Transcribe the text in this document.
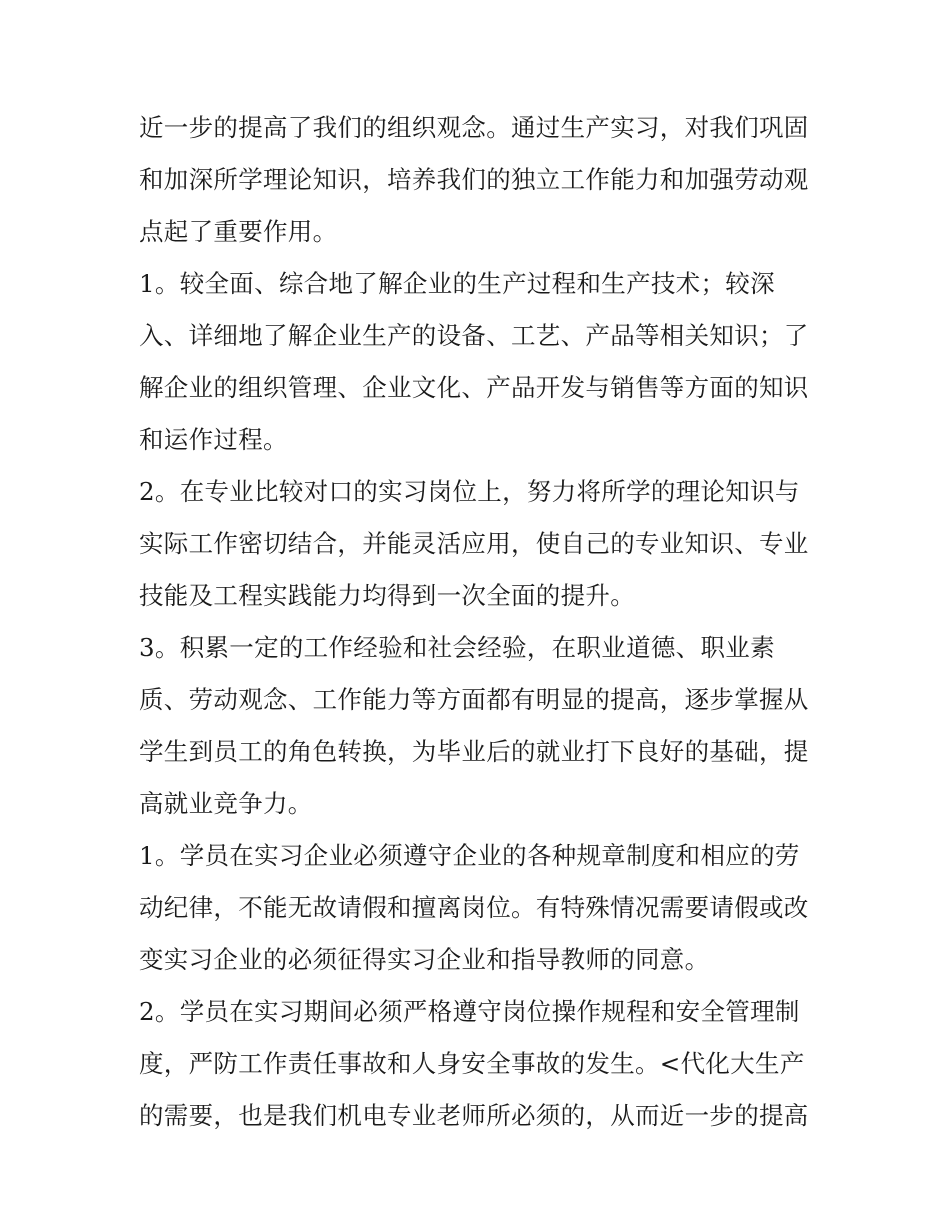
近一步的提高了我们的组织观念。通过生产实习，对我们巩固
和加深所学理论知识，培养我们的独立工作能力和加强劳动观
点起了重要作用。
1。较全面、综合地了解企业的生产过程和生产技术；较深
入、详细地了解企业生产的设备、工艺、产品等相关知识；了
解企业的组织管理、企业文化、产品开发与销售等方面的知识
和运作过程。
2。在专业比较对口的实习岗位上，努力将所学的理论知识与
实际工作密切结合，并能灵活应用，使自己的专业知识、专业
技能及工程实践能力均得到一次全面的提升。
3。积累一定的工作经验和社会经验，在职业道德、职业素
质、劳动观念、工作能力等方面都有明显的提高，逐步掌握从
学生到员工的角色转换，为毕业后的就业打下良好的基础，提
高就业竞争力。
1。学员在实习企业必须遵守企业的各种规章制度和相应的劳
动纪律，不能无故请假和擅离岗位。有特殊情况需要请假或改
变实习企业的必须征得实习企业和指导教师的同意。
2。学员在实习期间必须严格遵守岗位操作规程和安全管理制
度，严防工作责任事故和人身安全事故的发生。<代化大生产
的需要，也是我们机电专业老师所必须的，从而近一步的提高
